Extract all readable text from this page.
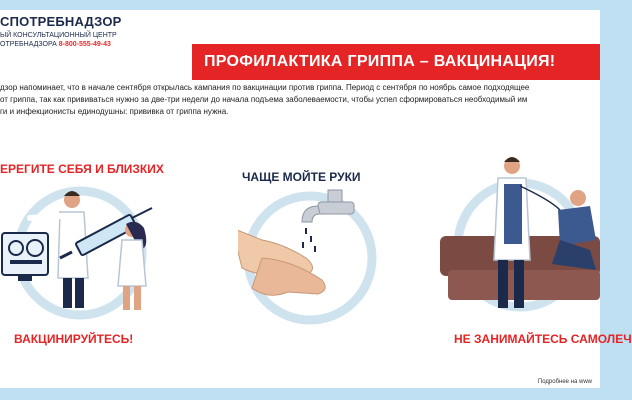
СПОТРЕБНАДЗОР
ЫЙ КОНСУЛЬТАЦИОННЫЙ ЦЕНТР
ОТРЕБНАДЗОРА 8-800-555-49-43
ПРОФИЛАКТИКА ГРИППА – ВАКЦИНАЦИЯ!
дзор напоминает, что в начале сентября открылась кампания по вакцинации против гриппа. Период с сентября по ноябрь самое подходящее
от гриппа, так как прививаться нужно за две-три недели до начала подъема заболеваемости, чтобы успел сформироваться необходимый им
ги и инфекционисты единодушны: прививка от гриппа нужна.
ЕРЕГИТЕ СЕБЯ И БЛИЗКИХ
ВАКЦИНИРУЙТЕСЬ!
ЧАЩЕ МОЙТЕ РУКИ
НЕ ЗАНИМАЙТЕСЬ САМОЛЕЧ
Подробнее на www
